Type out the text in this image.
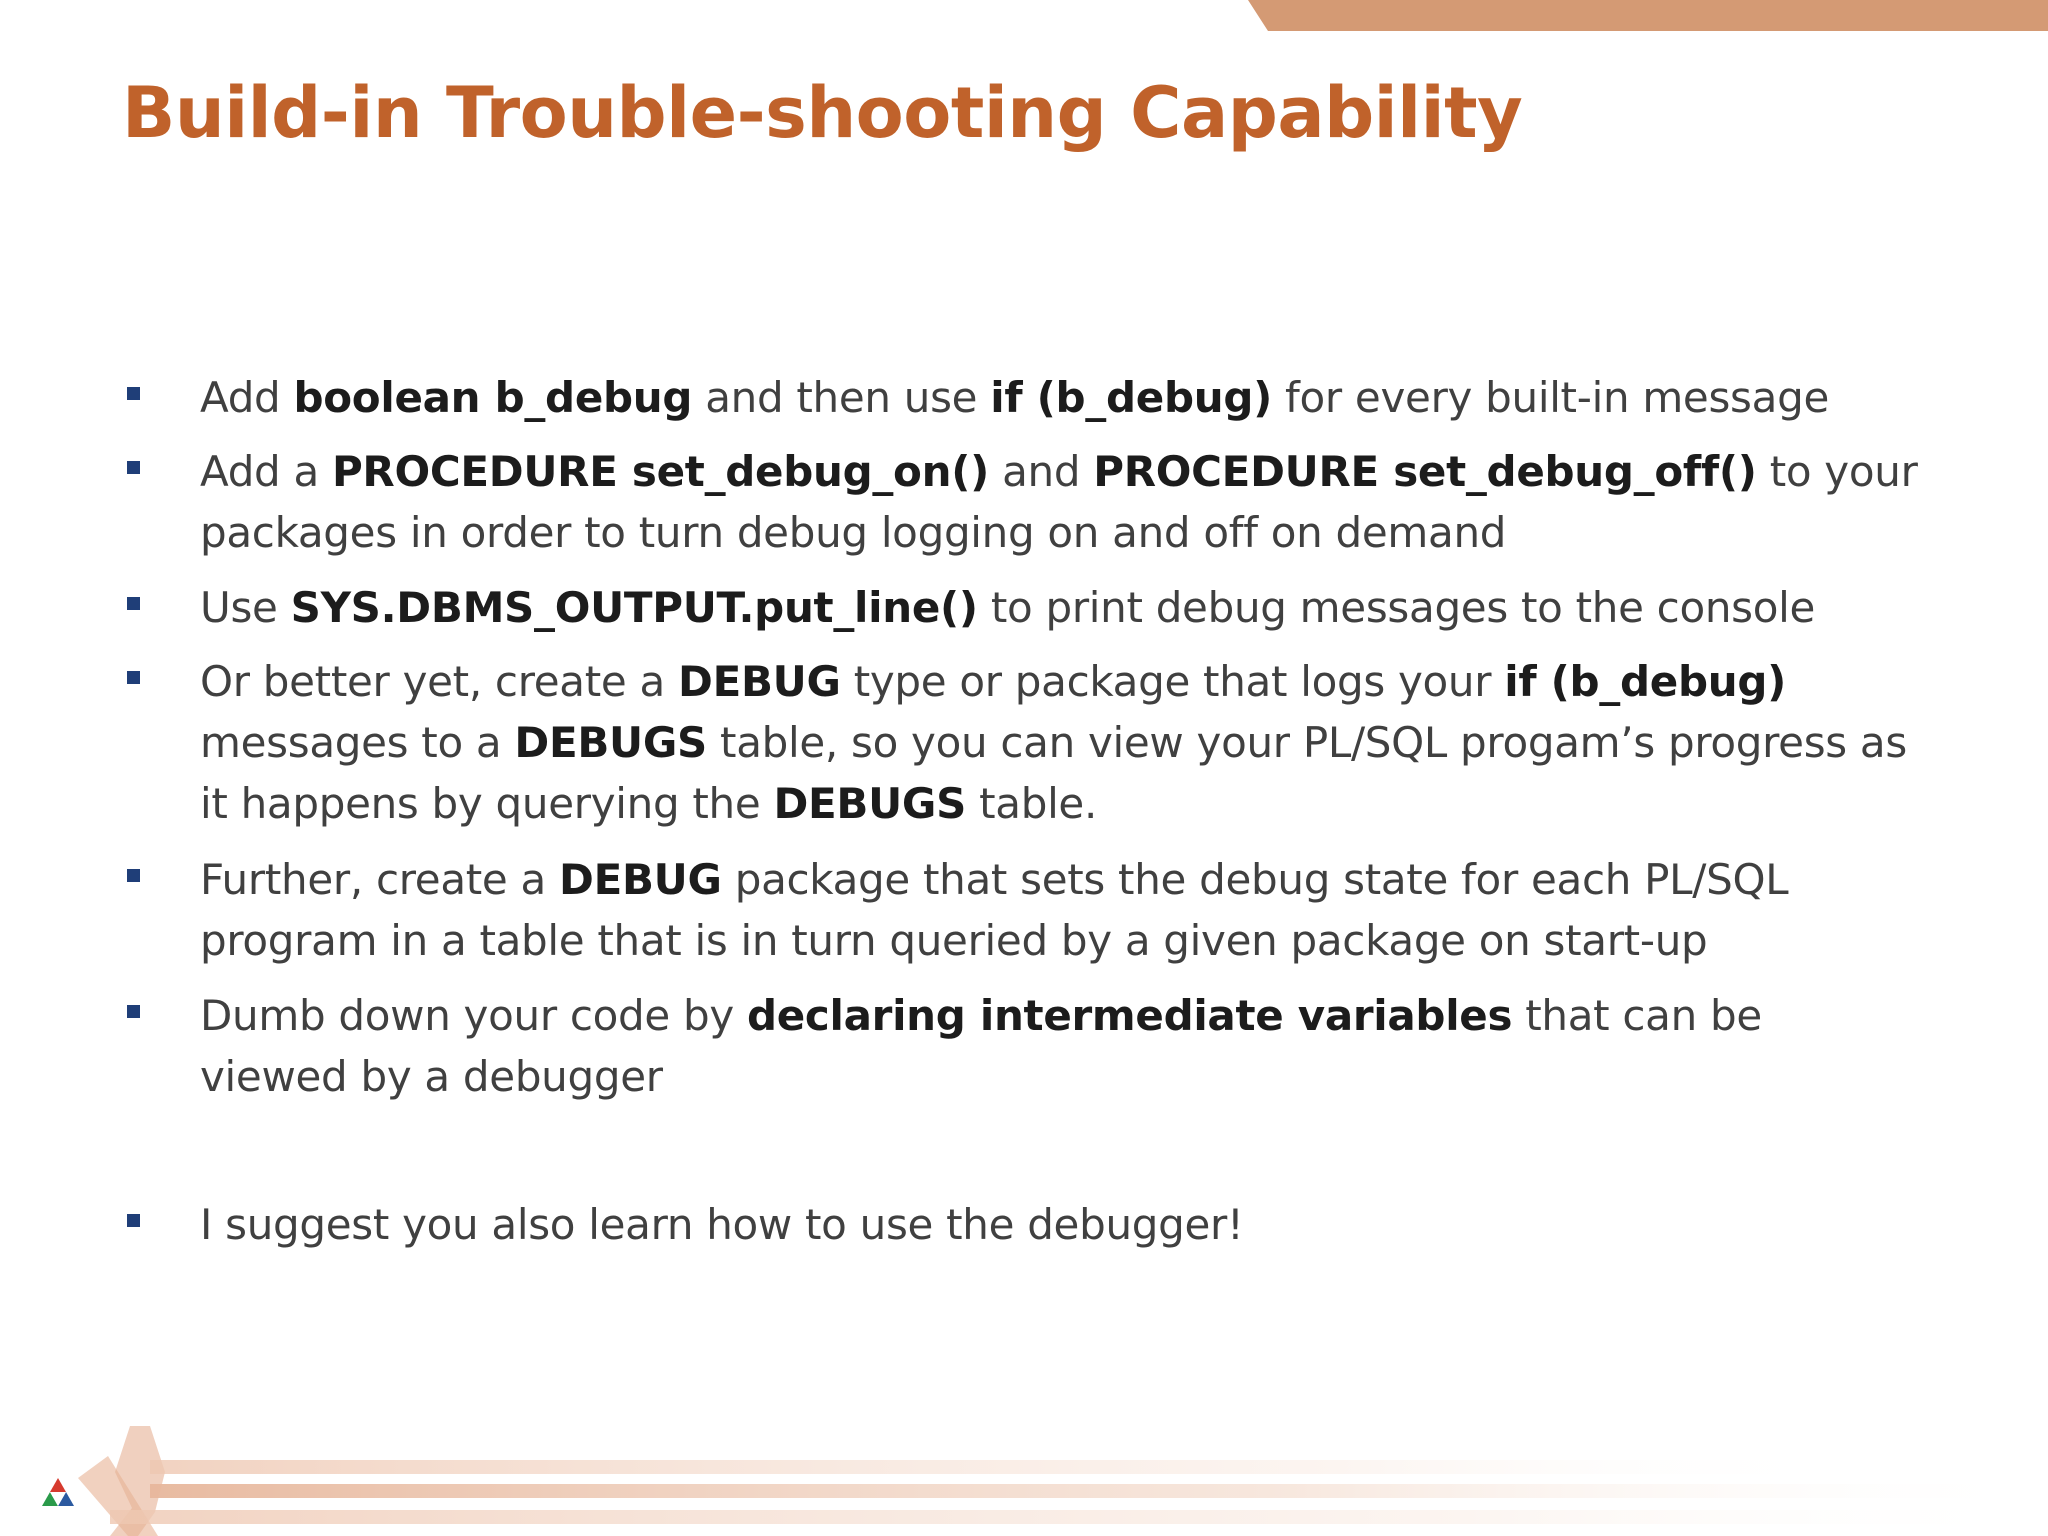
Build-in Trouble-shooting Capability
Add boolean b_debug and then use if (b_debug) for every built-in message
Add a PROCEDURE set_debug_on() and PROCEDURE set_debug_off() to your packages in order to turn debug logging on and off on demand
Use SYS.DBMS_OUTPUT.put_line() to print debug messages to the console
Or better yet, create a DEBUG type or package that logs your if (b_debug) messages to a DEBUGS table, so you can view your PL/SQL progam’s progress as it happens by querying the DEBUGS table.
Further, create a DEBUG package that sets the debug state for each PL/SQL program in a table that is in turn queried by a given package on start-up
Dumb down your code by declaring intermediate variables that can be viewed by a debugger
I suggest you also learn how to use the debugger!
